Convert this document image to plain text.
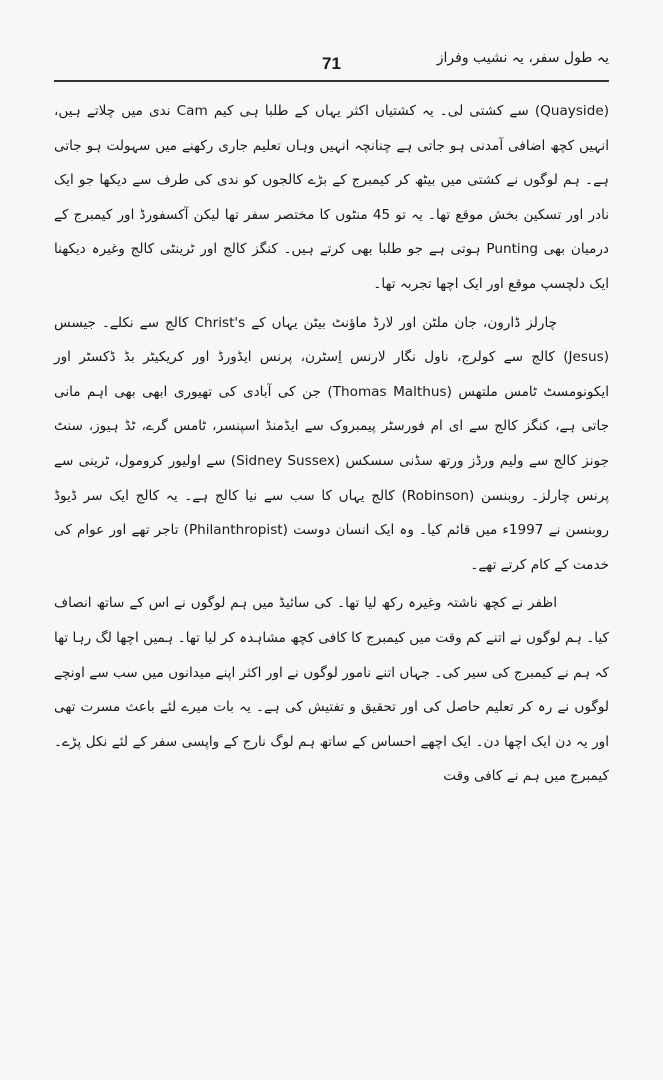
71	یہ طول سفر، یہ نشیب وفراز

(Quayside) سے کشتی لی۔ یہ کشتیاں اکثر یہاں کے طلبا ہی کیم Cam ندی میں چلاتے ہیں، انہیں کچھ اضافی آمدنی ہو جاتی ہے چنانچہ انہیں وہاں تعلیم جاری رکھنے میں سہولت ہو جاتی ہے۔ ہم لوگوں نے کشتی میں بیٹھ کر کیمبرج کے بڑے کالجوں کو ندی کی طرف سے دیکھا جو ایک نادر اور تسکین بخش موقع تھا۔ یہ تو 45 منٹوں کا مختصر سفر تھا لیکن آکسفورڈ اور کیمبرج کے درمیان بھی Punting ہوتی ہے جو طلبا بھی کرتے ہیں۔ کنگز کالج اور ٹرینٹی کالج وغیرہ دیکھنا ایک دلچسپ موقع اور ایک اچھا تجربہ تھا۔

چارلز ڈارون، جان ملٹن اور لارڈ ماؤنٹ بیٹن یہاں کے Christ's کالج سے نکلے۔ جیسس (Jesus) کالج سے کولرج، ناول نگار لارنس اِسٹرن، پرنس ایڈورڈ اور کریکیٹر بڈ ڈکسٹر اور ایکونومسٹ ٹامس ملتھس (Thomas Malthus) جن کی آبادی کی تھیوری ابھی بھی اہم مانی جاتی ہے، کنگز کالج سے ای ام فورسٹر پیمبروک سے ایڈمنڈ اسپنسر، ٹامس گرے، ٹڈ ہیوز، سنٹ جونز کالج سے ولیم ورڈز ورتھ سڈنی سسکس (Sidney Sussex) سے اولیور کرومول، ٹرینی سے پرنس چارلز۔ روبنسن (Robinson) کالج یہاں کا سب سے نیا کالج ہے۔ یہ کالج ایک سر ڈیوڈ روبنسن نے 1997ء میں قائم کیا۔ وہ ایک انسان دوست (Philanthropist) تاجر تھے اور عوام کی خدمت کے کام کرتے تھے۔

اظفر نے کچھ ناشتہ وغیرہ رکھ لیا تھا۔ کی سائیڈ میں ہم لوگوں نے اس کے ساتھ انصاف کیا۔ ہم لوگوں نے اتنے کم وقت میں کیمبرج کا کافی کچھ مشاہدہ کر لیا تھا۔ ہمیں اچھا لگ رہا تھا کہ ہم نے کیمبرج کی سیر کی۔ جہاں اتنے نامور لوگوں نے اور اکثر اپنے میدانوں میں سب سے اونچے لوگوں نے رہ کر تعلیم حاصل کی اور تحقیق و تفتیش کی ہے۔ یہ بات میرے لئے باعث مسرت تھی اور یہ دن ایک اچھا دن۔ ایک اچھے احساس کے ساتھ ہم لوگ نارج کے واپسی سفر کے لئے نکل پڑے۔ کیمبرج میں ہم نے کافی وقت
